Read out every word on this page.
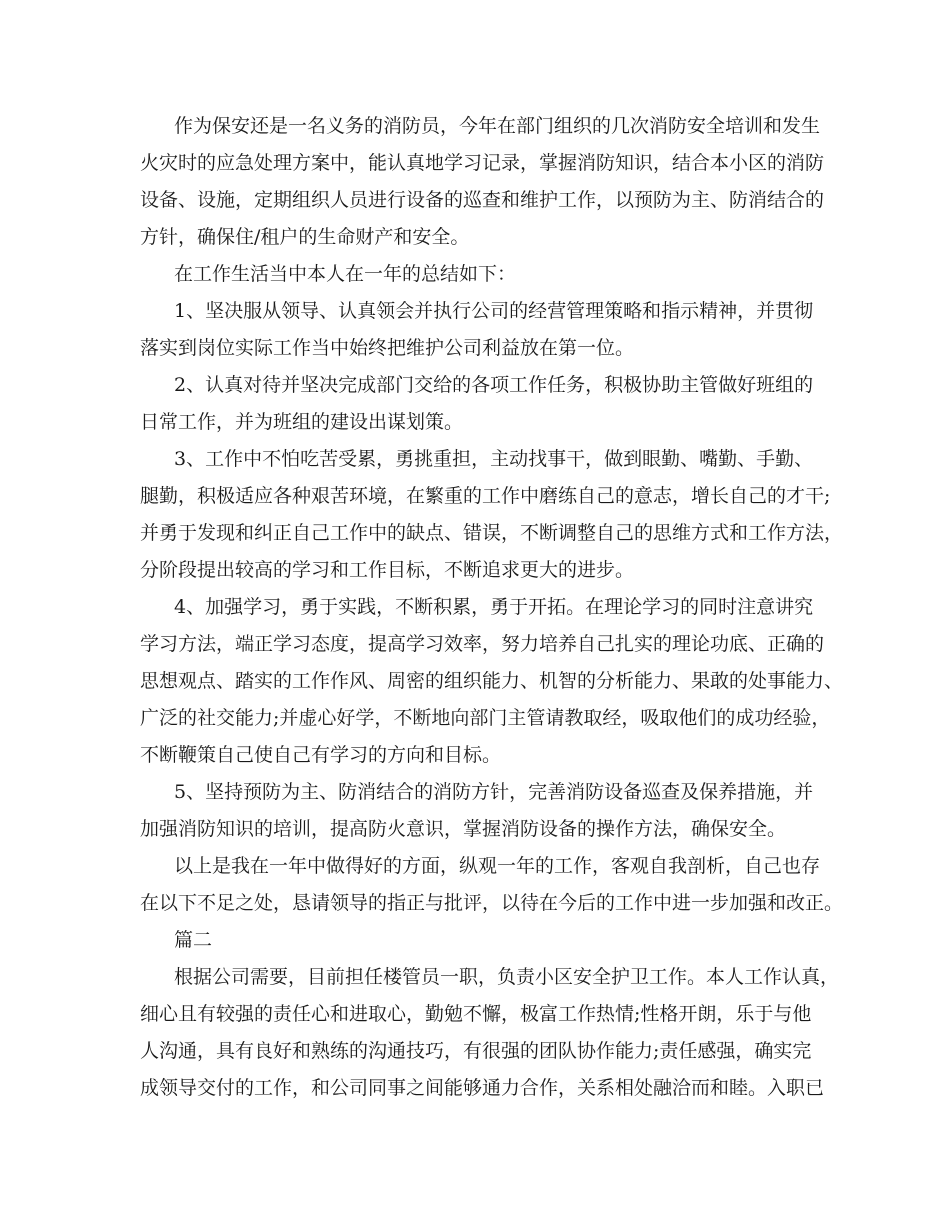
作为保安还是一名义务的消防员，今年在部门组织的几次消防安全培训和发生
火灾时的应急处理方案中，能认真地学习记录，掌握消防知识，结合本小区的消防
设备、设施，定期组织人员进行设备的巡查和维护工作，以预防为主、防消结合的
方针，确保住/租户的生命财产和安全。
在工作生活当中本人在一年的总结如下：
1、坚决服从领导、认真领会并执行公司的经营管理策略和指示精神，并贯彻
落实到岗位实际工作当中始终把维护公司利益放在第一位。
2、认真对待并坚决完成部门交给的各项工作任务，积极协助主管做好班组的
日常工作，并为班组的建设出谋划策。
3、工作中不怕吃苦受累，勇挑重担，主动找事干，做到眼勤、嘴勤、手勤、
腿勤，积极适应各种艰苦环境，在繁重的工作中磨练自己的意志，增长自己的才干;
并勇于发现和纠正自己工作中的缺点、错误，不断调整自己的思维方式和工作方法，
分阶段提出较高的学习和工作目标，不断追求更大的进步。
4、加强学习，勇于实践，不断积累，勇于开拓。在理论学习的同时注意讲究
学习方法，端正学习态度，提高学习效率，努力培养自己扎实的理论功底、正确的
思想观点、踏实的工作作风、周密的组织能力、机智的分析能力、果敢的处事能力、
广泛的社交能力;并虚心好学，不断地向部门主管请教取经，吸取他们的成功经验，
不断鞭策自己使自己有学习的方向和目标。
5、坚持预防为主、防消结合的消防方针，完善消防设备巡查及保养措施，并
加强消防知识的培训，提高防火意识，掌握消防设备的操作方法，确保安全。
以上是我在一年中做得好的方面，纵观一年的工作，客观自我剖析，自己也存
在以下不足之处，恳请领导的指正与批评，以待在今后的工作中进一步加强和改正。
篇二
根据公司需要，目前担任楼管员一职，负责小区安全护卫工作。本人工作认真，
细心且有较强的责任心和进取心，勤勉不懈，极富工作热情;性格开朗，乐于与他
人沟通，具有良好和熟练的沟通技巧，有很强的团队协作能力;责任感强，确实完
成领导交付的工作，和公司同事之间能够通力合作，关系相处融洽而和睦。入职已
